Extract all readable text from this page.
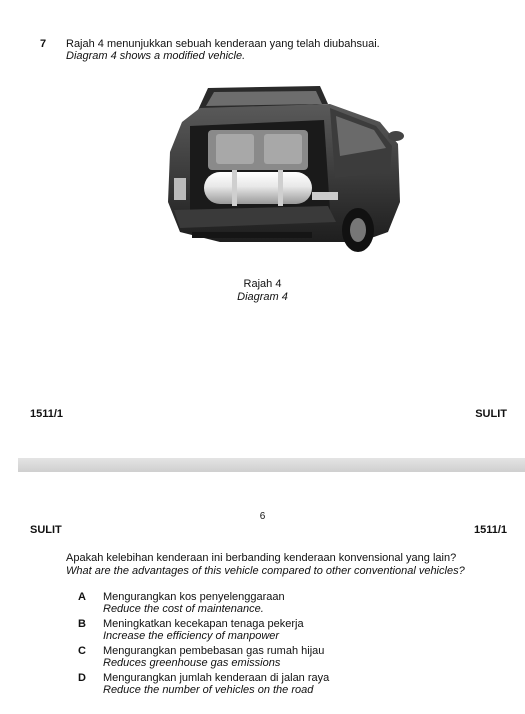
7 Rajah 4 menunjukkan sebuah kenderaan yang telah diubahsuai.
Diagram 4 shows a modified vehicle.
Rajah 4
Diagram 4
1511/1	SULIT
6
SULIT	1511/1
Apakah kelebihan kenderaan ini berbanding kenderaan konvensional yang lain?
What are the advantages of this vehicle compared to other conventional vehicles?
A Mengurangkan kos penyelenggaraan
Reduce the cost of maintenance.
B Meningkatkan kecekapan tenaga pekerja
Increase the efficiency of manpower
C Mengurangkan pembebasan gas rumah hijau
Reduces greenhouse gas emissions
D Mengurangkan jumlah kenderaan di jalan raya
Reduce the number of vehicles on the road
